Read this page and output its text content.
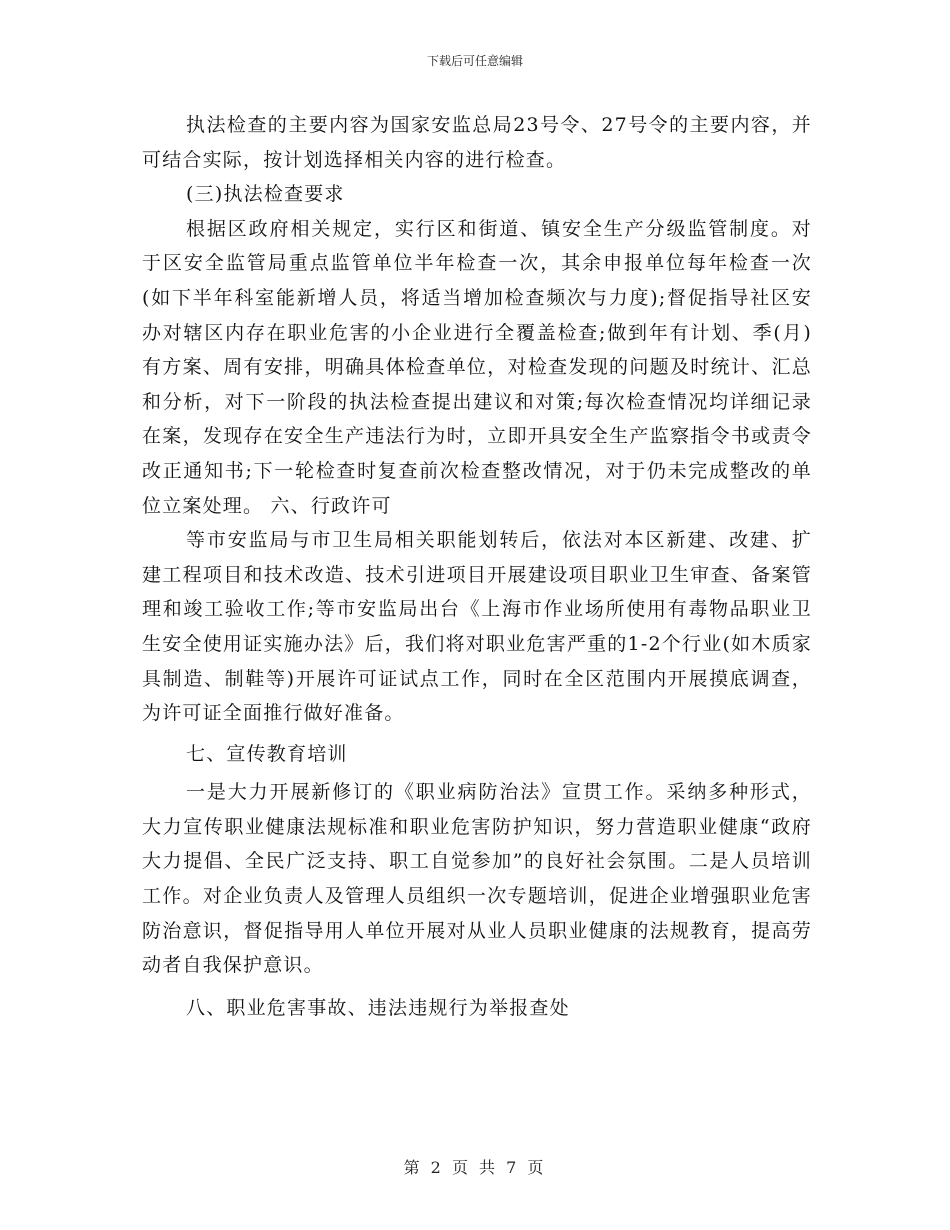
下载后可任意编辑

执法检查的主要内容为国家安监总局23号令、27号令的主要内容，并可结合实际，按计划选择相关内容的进行检查。

(三)执法检查要求

根据区政府相关规定，实行区和街道、镇安全生产分级监管制度。对于区安全监管局重点监管单位半年检查一次，其余申报单位每年检查一次(如下半年科室能新增人员，将适当增加检查频次与力度);督促指导社区安办对辖区内存在职业危害的小企业进行全覆盖检查;做到年有计划、季(月)有方案、周有安排，明确具体检查单位，对检查发现的问题及时统计、汇总和分析，对下一阶段的执法检查提出建议和对策;每次检查情况均详细记录在案，发现存在安全生产违法行为时，立即开具安全生产监察指令书或责令改正通知书;下一轮检查时复查前次检查整改情况，对于仍未完成整改的单位立案处理。 六、行政许可

等市安监局与市卫生局相关职能划转后，依法对本区新建、改建、扩建工程项目和技术改造、技术引进项目开展建设项目职业卫生审查、备案管理和竣工验收工作;等市安监局出台《上海市作业场所使用有毒物品职业卫生安全使用证实施办法》后，我们将对职业危害严重的1-2个行业(如木质家具制造、制鞋等)开展许可证试点工作，同时在全区范围内开展摸底调查，为许可证全面推行做好准备。

七、宣传教育培训

一是大力开展新修订的《职业病防治法》宣贯工作。采纳多种形式，大力宣传职业健康法规标准和职业危害防护知识，努力营造职业健康“政府大力提倡、全民广泛支持、职工自觉参加”的良好社会氛围。二是人员培训工作。对企业负责人及管理人员组织一次专题培训，促进企业增强职业危害防治意识，督促指导用人单位开展对从业人员职业健康的法规教育，提高劳动者自我保护意识。

八、职业危害事故、违法违规行为举报查处

第 2 页 共 7 页
